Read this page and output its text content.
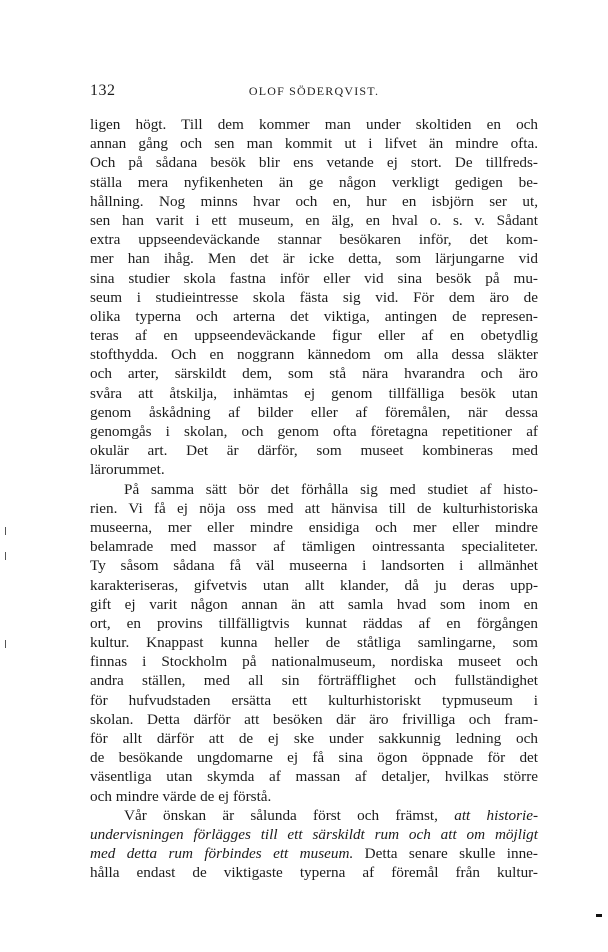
132	OLOF SÖDERQVIST.
ligen högt. Till dem kommer man under skoltiden en och
annan gång och sen man kommit ut i lifvet än mindre ofta.
Och på sådana besök blir ens vetande ej stort. De tillfreds-
ställa mera nyfikenheten än ge någon verkligt gedigen be-
hållning. Nog minns hvar och en, hur en isbjörn ser ut,
sen han varit i ett museum, en älg, en hval o. s. v. Sådant
extra uppseendeväckande stannar besökaren inför, det kom-
mer han ihåg. Men det är icke detta, som lärjungarne vid
sina studier skola fastna inför eller vid sina besök på mu-
seum i studieintresse skola fästa sig vid. För dem äro de
olika typerna och arterna det viktiga, antingen de represen-
teras af en uppseendeväckande figur eller af en obetydlig
stofthydda. Och en noggrann kännedom om alla dessa släkter
och arter, särskildt dem, som stå nära hvarandra och äro
svåra att åtskilja, inhämtas ej genom tillfälliga besök utan
genom åskådning af bilder eller af föremålen, när dessa
genomgås i skolan, och genom ofta företagna repetitioner af
okulär art. Det är därför, som museet kombineras med
lärorummet.
På samma sätt bör det förhålla sig med studiet af histo-
rien. Vi få ej nöja oss med att hänvisa till de kulturhistoriska
museerna, mer eller mindre ensidiga och mer eller mindre
belamrade med massor af tämligen ointressanta specialiteter.
Ty såsom sådana få väl museerna i landsorten i allmänhet
karakteriseras, gifvetvis utan allt klander, då ju deras upp-
gift ej varit någon annan än att samla hvad som inom en
ort, en provins tillfälligtvis kunnat räddas af en förgången
kultur. Knappast kunna heller de ståtliga samlingarne, som
finnas i Stockholm på nationalmuseum, nordiska museet och
andra ställen, med all sin förträfflighet och fullständighet
för hufvudstaden ersätta ett kulturhistoriskt typmuseum i
skolan. Detta därför att besöken där äro frivilliga och fram-
för allt därför att de ej ske under sakkunnig ledning och
de besökande ungdomarne ej få sina ögon öppnade för det
väsentliga utan skymda af massan af detaljer, hvilkas större
och mindre värde de ej förstå.
Vår önskan är sålunda först och främst, att historie-
undervisningen förlägges till ett särskildt rum och att om möjligt
med detta rum förbindes ett museum. Detta senare skulle inne-
hålla endast de viktigaste typerna af föremål från kultur-
